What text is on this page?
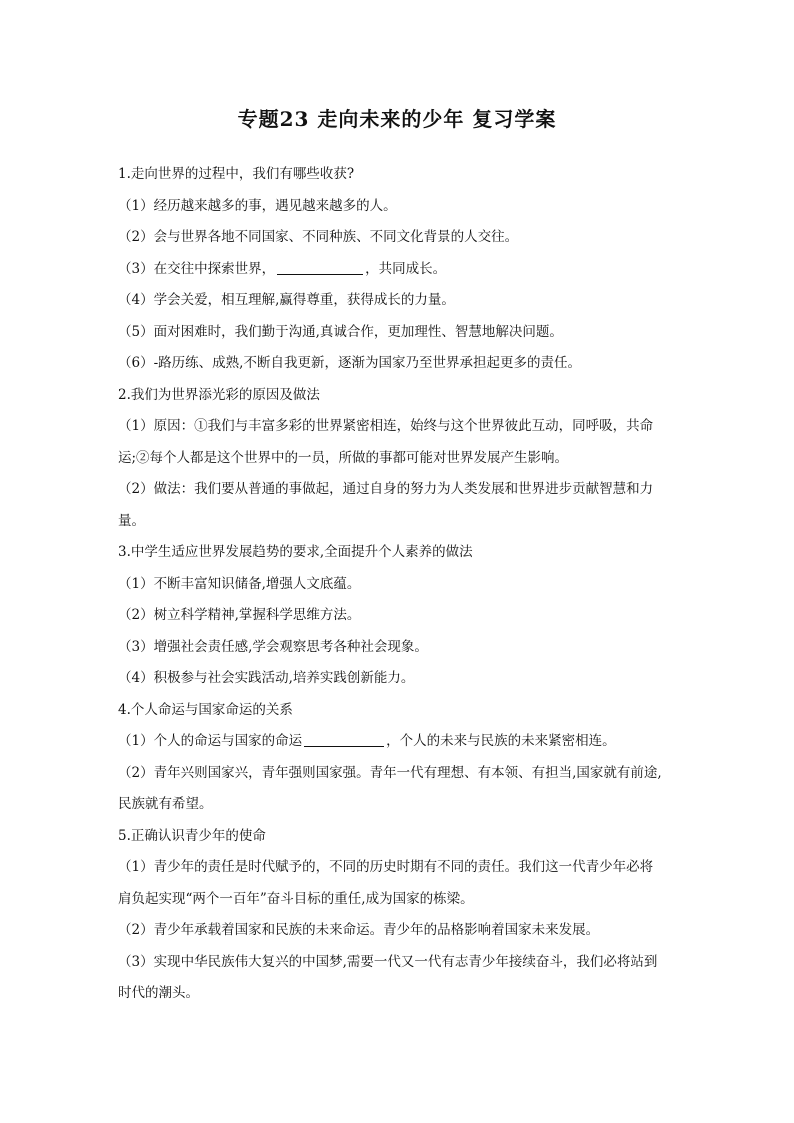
专题23 走向未来的少年 复习学案
1.走向世界的过程中，我们有哪些收获?
（1）经历越来越多的事，遇见越来越多的人。
（2）会与世界各地不同国家、不同种族、不同文化背景的人交往。
（3）在交往中探索世界，	，共同成长。
（4）学会关爱，相互理解,赢得尊重，获得成长的力量。
（5）面对困难时，我们勤于沟通,真诚合作，更加理性、智慧地解决问题。
（6）-路历练、成熟,不断自我更新，逐渐为国家乃至世界承担起更多的责任。
2.我们为世界添光彩的原因及做法
（1）原因：①我们与丰富多彩的世界紧密相连，始终与这个世界彼此互动，同呼吸，共命
运;②每个人都是这个世界中的一员，所做的事都可能对世界发展产生影响。
（2）做法：我们要从普通的事做起，通过自身的努力为人类发展和世界进步贡献智慧和力
量。
3.中学生适应世界发展趋势的要求,全面提升个人素养的做法
（1）不断丰富知识储备,增强人文底蕴。
（2）树立科学精神,掌握科学思维方法。
（3）增强社会责任感,学会观察思考各种社会现象。
（4）积极参与社会实践活动,培养实践创新能力。
4.个人命运与国家命运的关系
（1）个人的命运与国家的命运	，个人的未来与民族的未来紧密相连。
（2）青年兴则国家兴，青年强则国家强。青年一代有理想、有本领、有担当,国家就有前途,
民族就有希望。
5.正确认识青少年的使命
（1）青少年的责任是时代赋予的，不同的历史时期有不同的责任。我们这一代青少年必将
肩负起实现“两个一百年”奋斗目标的重任,成为国家的栋梁。
（2）青少年承载着国家和民族的未来命运。青少年的品格影响着国家未来发展。
（3）实现中华民族伟大复兴的中国梦,需要一代又一代有志青少年接续奋斗，我们必将站到
时代的潮头。
